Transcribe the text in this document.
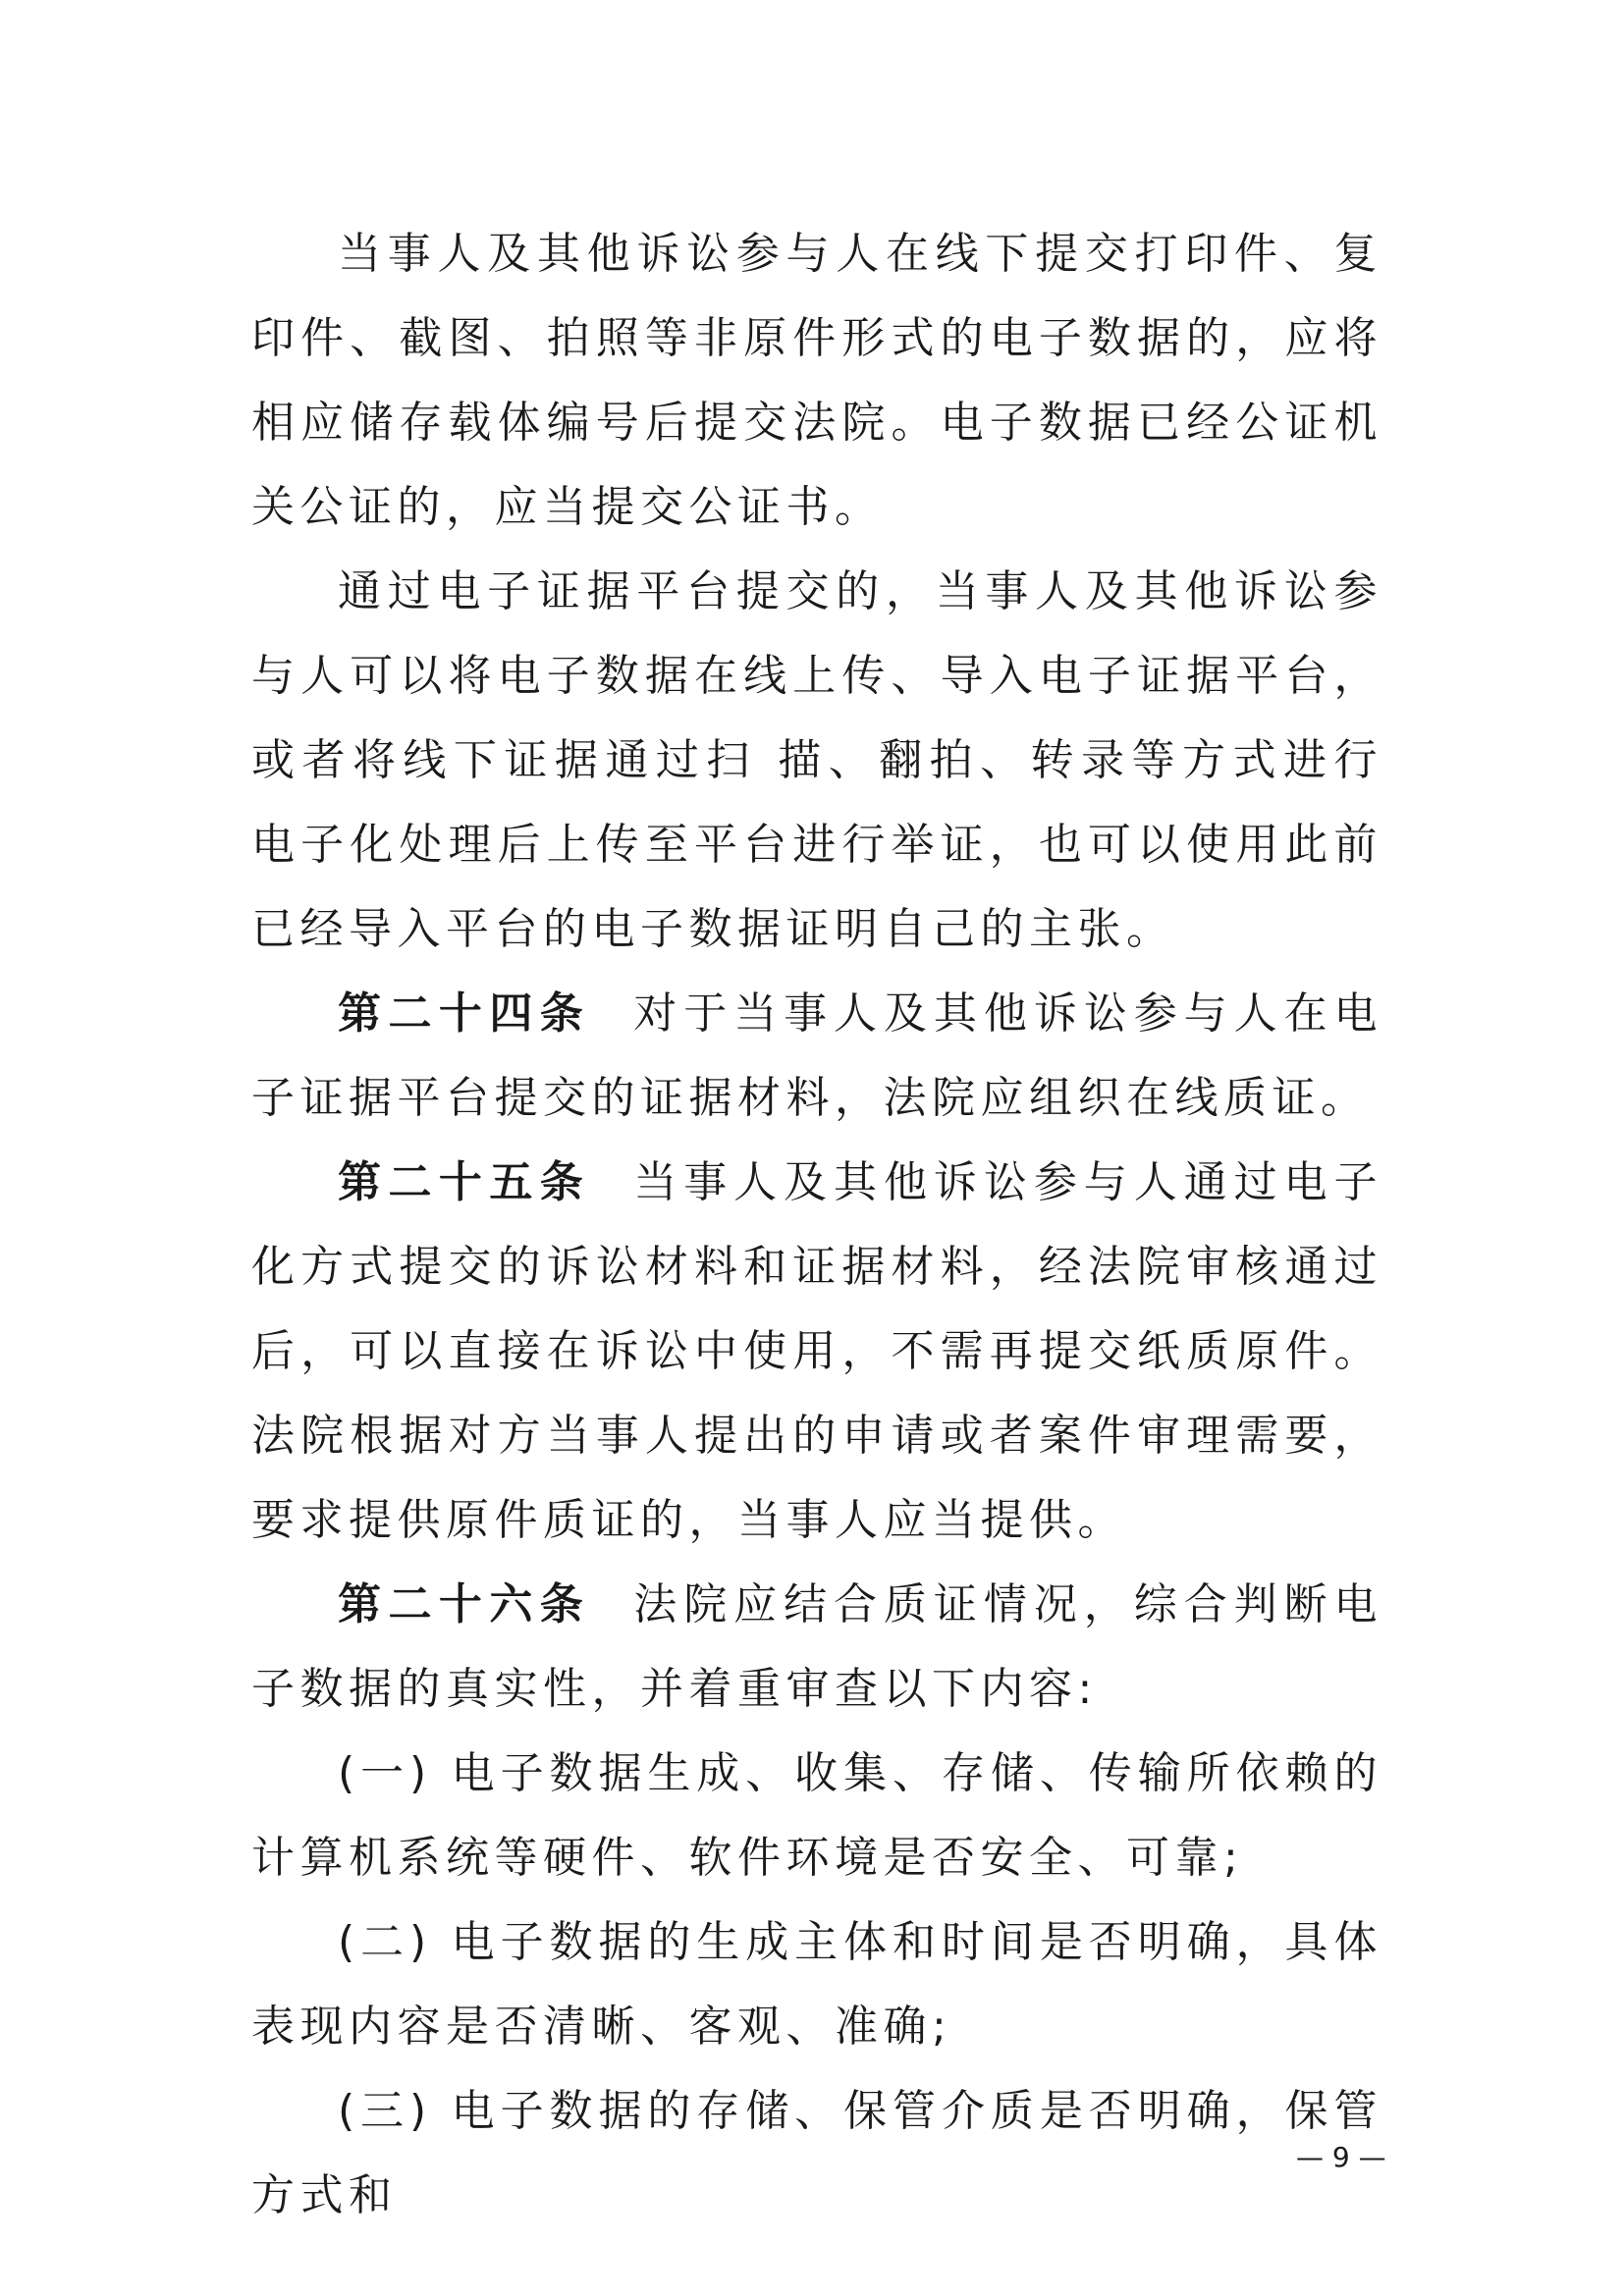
当事人及其他诉讼参与人在线下提交打印件、复印件、截图、拍照等非原件形式的电子数据的，应将相应储存载体编号后提交法院。电子数据已经公证机关公证的，应当提交公证书。

通过电子证据平台提交的，当事人及其他诉讼参与人可以将电子数据在线上传、导入电子证据平台，或者将线下证据通过扫 描、翻拍、转录等方式进行电子化处理后上传至平台进行举证，也可以使用此前已经导入平台的电子数据证明自己的主张。

第二十四条 对于当事人及其他诉讼参与人在电子证据平台提交的证据材料，法院应组织在线质证。

第二十五条 当事人及其他诉讼参与人通过电子化方式提交的诉讼材料和证据材料，经法院审核通过后，可以直接在诉讼中使用，不需再提交纸质原件。法院根据对方当事人提出的申请或者案件审理需要，要求提供原件质证的，当事人应当提供。

第二十六条 法院应结合质证情况，综合判断电子数据的真实性，并着重审查以下内容:

(一) 电子数据生成、收集、存储、传输所依赖的计算机系统等硬件、软件环境是否安全、可靠;

(二) 电子数据的生成主体和时间是否明确，具体表现内容是否清晰、客观、准确;

(三) 电子数据的存储、保管介质是否明确，保管方式和

— 9 —
